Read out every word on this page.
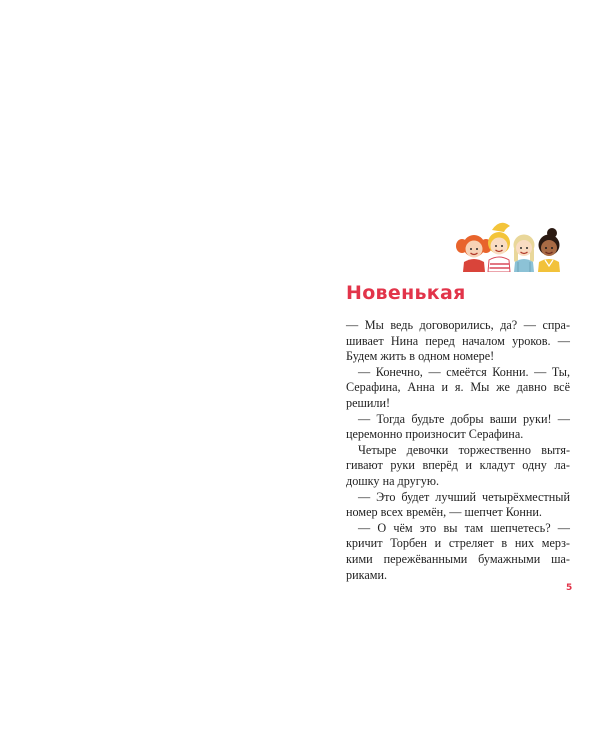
Новенькая
— Мы ведь договорились, да? — спра-
шивает Нина перед началом уроков. —
Будем жить в одном номере!
— Конечно, — смеётся Конни. — Ты,
Серафина, Анна и я. Мы же давно всё
решили!
— Тогда будьте добры ваши руки! —
церемонно произносит Серафина.
Четыре девочки торжественно вытя-
гивают руки вперёд и кладут одну ла-
дошку на другую.
— Это будет лучший четырёхместный
номер всех времён, — шепчет Конни.
— О чём это вы там шепчетесь? —
кричит Торбен и стреляет в них мерз-
кими пережёванными бумажными ша-
риками.
5
